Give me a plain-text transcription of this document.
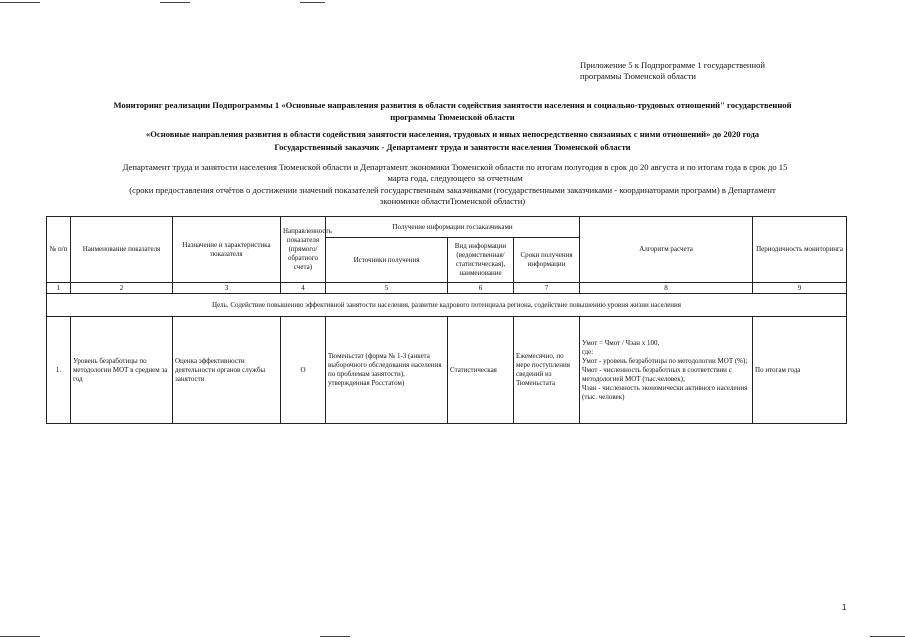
Приложение 5 к Подпрограмме 1 государственной
программы Тюменской области
Мониторинг реализации Подпрограммы 1 «Основные направления развития в области содействия занятости населения и социально-трудовых отношений" государственной
программы Тюменской области
«Основные направления развития в области содействия занятости населения, трудовых и иных непосредственно связанных с ними отношений» до 2020 года
Государственный заказчик - Департамент труда и занятости населения Тюменской области
Департамент труда и занятости населения Тюменской области и Департамент экономики Тюменской области по итогам полугодия в срок до 20 августа и по итогам года в срок до 15
марта года, следующего за отчетным
(сроки предоставления отчётов о достижении значений показателей государственным заказчиками (государственными заказчиками - координаторами программ) в Департамент
экономики областиТюменской области)
№ п/п	Наименование показателя	Назначение и характеристика показателя	Направленность показателя (прямого/обратного счета)	Получение информации госзаказчиками			Алгоритм расчета	Периодичность мониторинга
				Источники получения	Вид информации (ведомственная/статистическая), наименование	Сроки получения информации		
1	2	3	4	5	6	7	8	9
Цель. Содействие повышению эффективной занятости населения, развитие кадрового потенциала региона, содействие повышению уровня жизни населения								
1.	Уровень безработицы по методологии МОТ в среднем за год	Оценка эффективности деятельности органов службы занятости	О	Тюменьстат (форма № 1-З (анкета выборочного обследования населения по проблемам занятости), утвержденная Росстатом)	Статистическая	Ежемесячно, по мере поступления сведений из Тюменьстата	Умот = Чмот / Чэан х 100,
где:
Умот - уровень безработицы по методологии МОТ (%);
Чмот - численность безработных в соответствии с методологией МОТ (тыс.человек);
Чэан - численность экономически активного населения (тыс. человек)	По итогам года
1
